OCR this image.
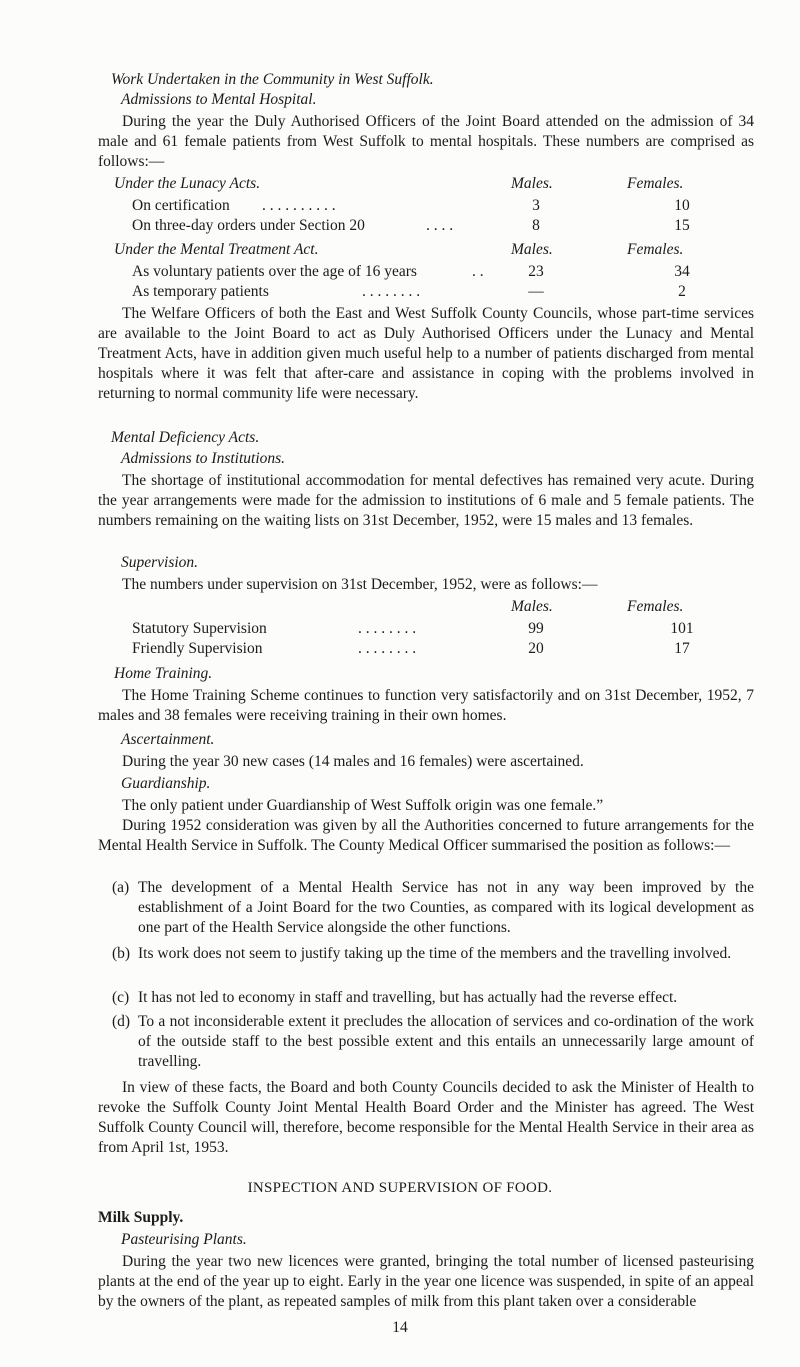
Work Undertaken in the Community in West Suffolk.
Admissions to Mental Hospital.
During the year the Duly Authorised Officers of the Joint Board attended on the admission of 34 male and 61 female patients from West Suffolk to mental hospitals. These numbers are comprised as follows:—
Under the Lunacy Acts.	Males.	Females.
On certification . . . . . . . . . .	3	10
On three-day orders under Section 20	. . . .	8	15
Under the Mental Treatment Act.	Males.	Females.
As voluntary patients over the age of 16 years	. .	23	34
As temporary patients	. . . . . . . .	—	2
The Welfare Officers of both the East and West Suffolk County Councils, whose part-time services are available to the Joint Board to act as Duly Authorised Officers under the Lunacy and Mental Treatment Acts, have in addition given much useful help to a number of patients discharged from mental hospitals where it was felt that after-care and assistance in coping with the problems involved in returning to normal community life were necessary.
Mental Deficiency Acts.
Admissions to Institutions.
The shortage of institutional accommodation for mental defectives has remained very acute. During the year arrangements were made for the admission to institutions of 6 male and 5 female patients. The numbers remaining on the waiting lists on 31st December, 1952, were 15 males and 13 females.
Supervision.
The numbers under supervision on 31st December, 1952, were as follows:—
Males.	Females.
Statutory Supervision	. . . . . . . .	99	101
Friendly Supervision	. . . . . . . .	20	17
Home Training.
The Home Training Scheme continues to function very satisfactorily and on 31st December, 1952, 7 males and 38 females were receiving training in their own homes.
Ascertainment.
During the year 30 new cases (14 males and 16 females) were ascertained.
Guardianship.
The only patient under Guardianship of West Suffolk origin was one female.”
During 1952 consideration was given by all the Authorities concerned to future arrangements for the Mental Health Service in Suffolk. The County Medical Officer summarised the position as follows:—
(a) The development of a Mental Health Service has not in any way been improved by the establishment of a Joint Board for the two Counties, as compared with its logical development as one part of the Health Service alongside the other functions.
(b) Its work does not seem to justify taking up the time of the members and the travelling involved.
(c) It has not led to economy in staff and travelling, but has actually had the reverse effect.
(d) To a not inconsiderable extent it precludes the allocation of services and co-ordination of the work of the outside staff to the best possible extent and this entails an unnecessarily large amount of travelling.
In view of these facts, the Board and both County Councils decided to ask the Minister of Health to revoke the Suffolk County Joint Mental Health Board Order and the Minister has agreed. The West Suffolk County Council will, therefore, become responsible for the Mental Health Service in their area as from April 1st, 1953.
INSPECTION AND SUPERVISION OF FOOD.
Milk Supply.
Pasteurising Plants.
During the year two new licences were granted, bringing the total number of licensed pasteurising plants at the end of the year up to eight. Early in the year one licence was suspended, in spite of an appeal by the owners of the plant, as repeated samples of milk from this plant taken over a considerable
14
